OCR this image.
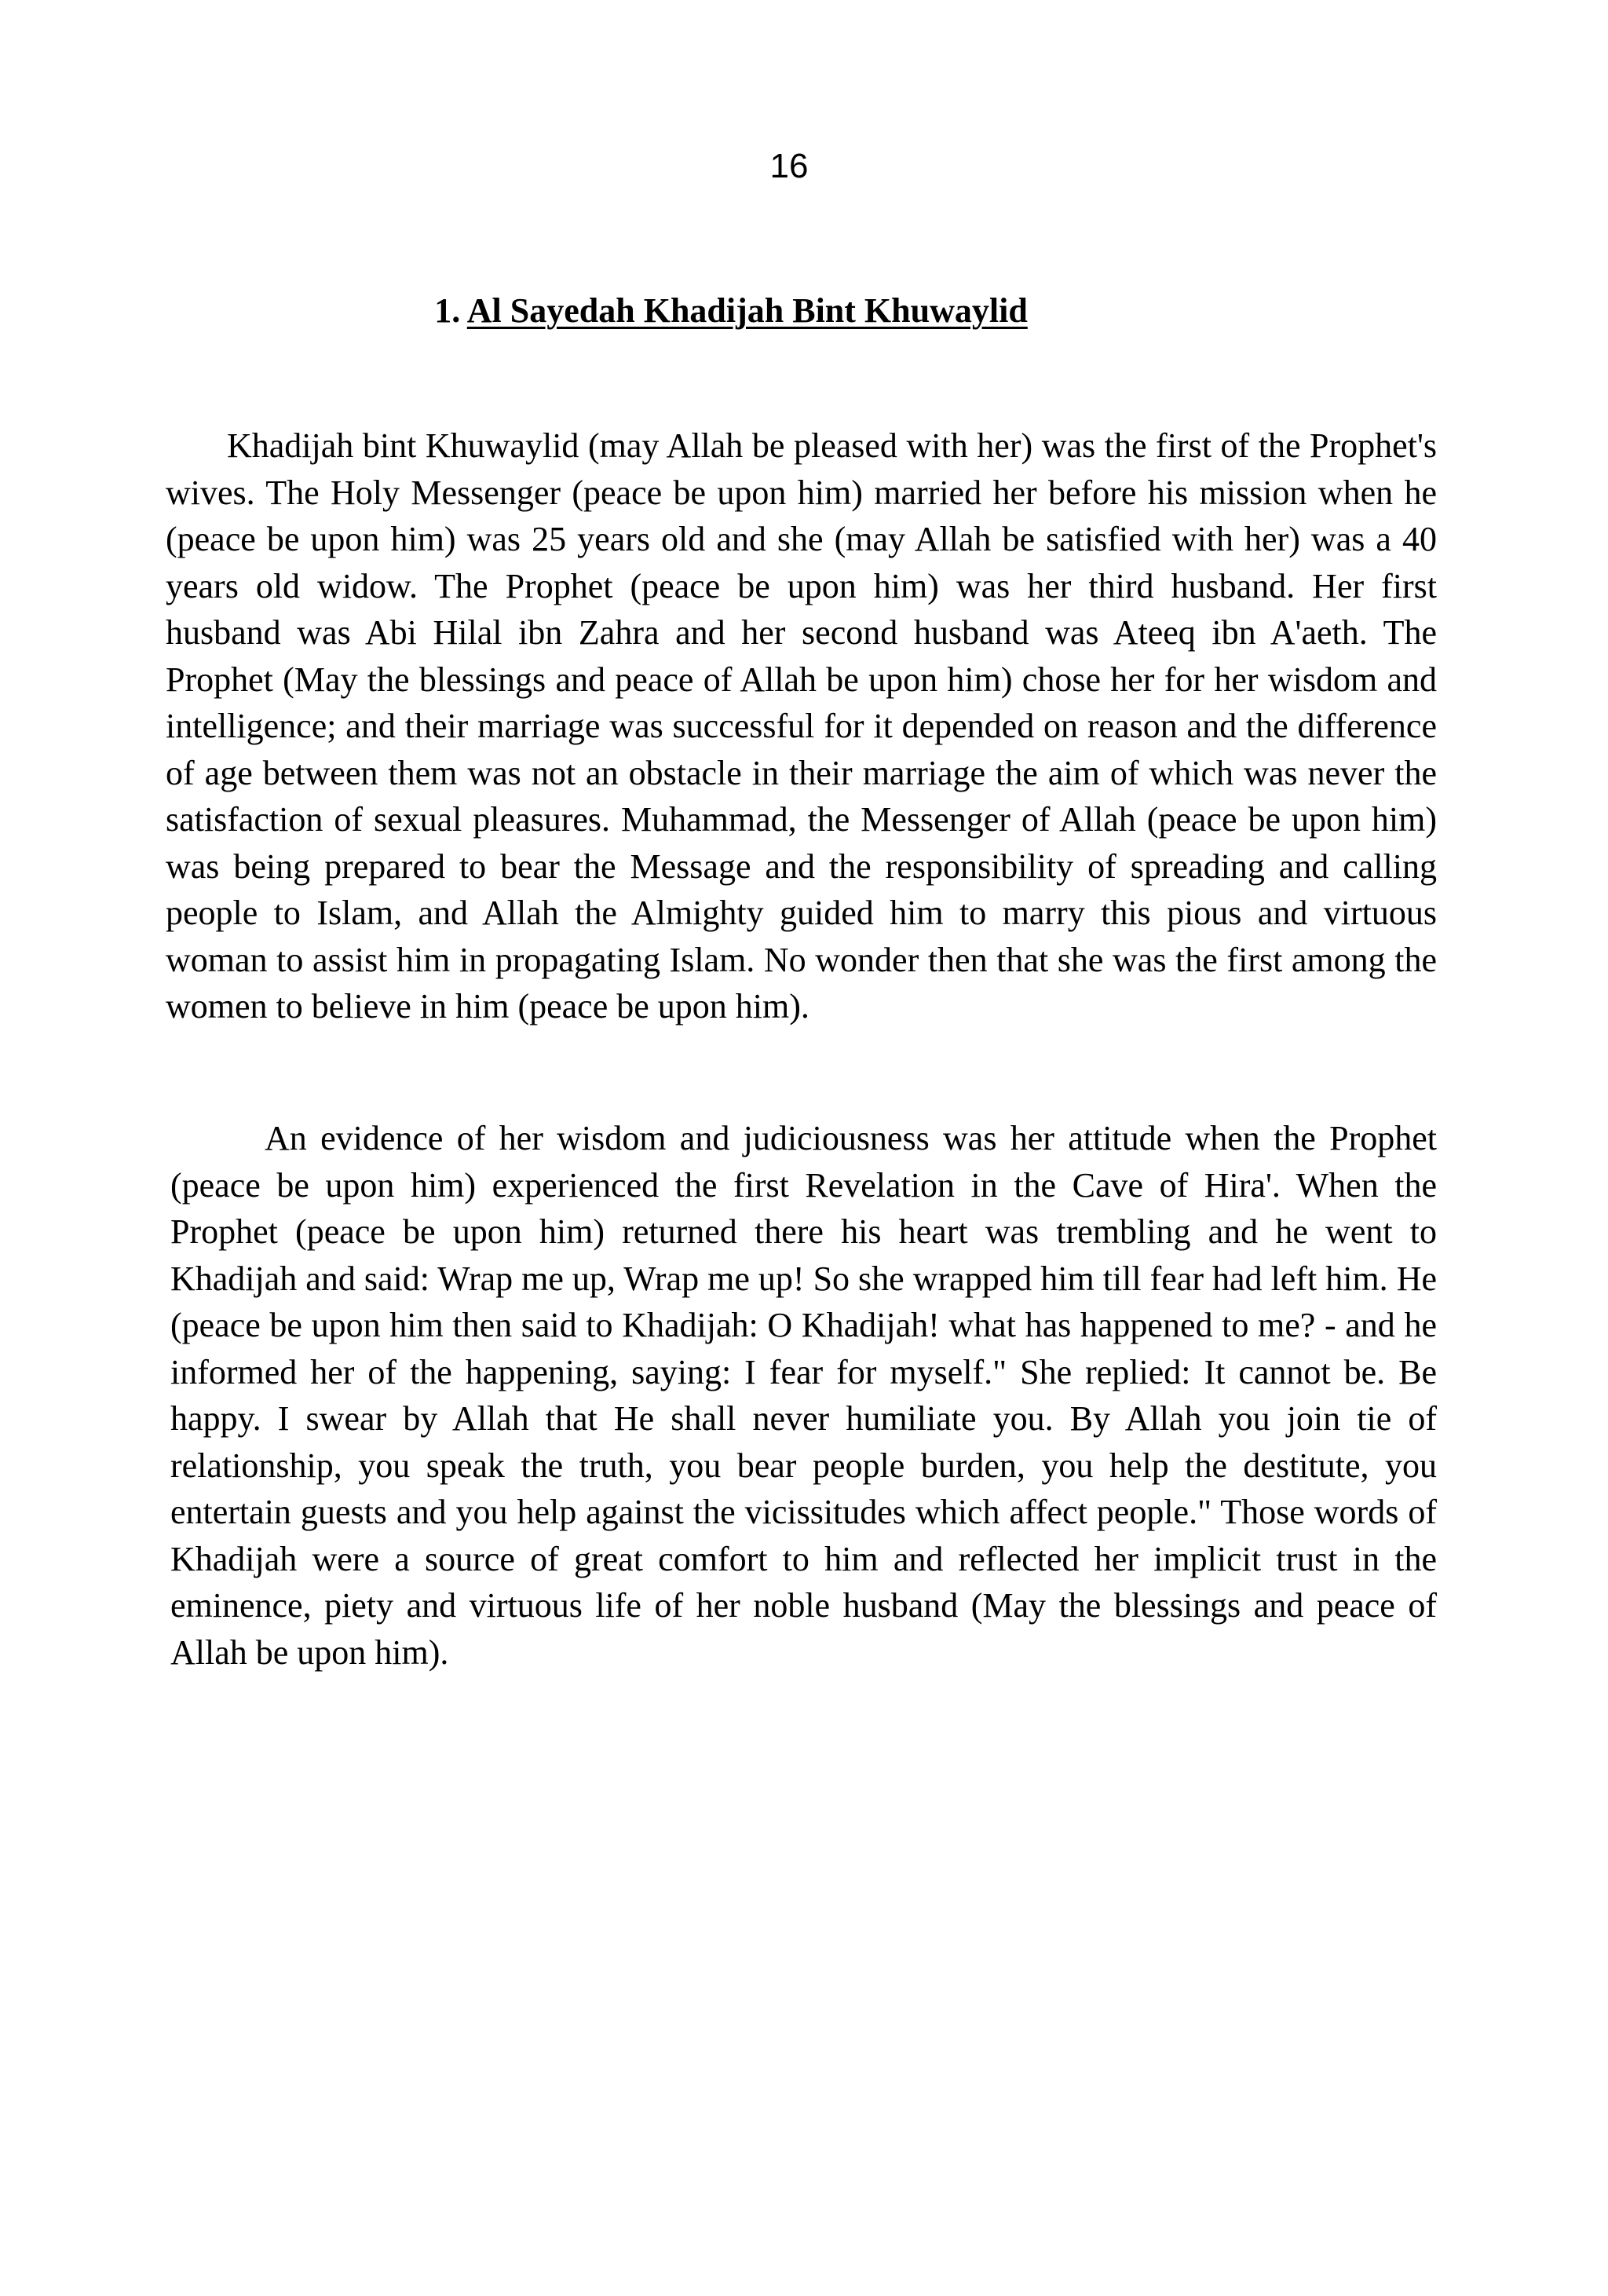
16
1. Al Sayedah Khadijah Bint Khuwaylid

Khadijah bint Khuwaylid (may Allah be pleased with her) was the first of the Prophet's wives. The Holy Messenger (peace be upon him) married her before his mission when he (peace be upon him) was 25 years old and she (may Allah be satisfied with her) was a 40 years old widow. The Prophet (peace be upon him) was her third husband. Her first husband was Abi Hilal ibn Zahra and her second husband was Ateeq ibn A'aeth. The Prophet (May the blessings and peace of Allah be upon him) chose her for her wisdom and intelligence; and their marriage was successful for it depended on reason and the difference of age between them was not an obstacle in their marriage the aim of which was never the satisfaction of sexual pleasures. Muhammad, the Messenger of Allah (peace be upon him) was being prepared to bear the Message and the responsibility of spreading and calling people to Islam, and Allah the Almighty guided him to marry this pious and virtuous woman to assist him in propagating Islam. No wonder then that she was the first among the women to believe in him (peace be upon him).

An evidence of her wisdom and judiciousness was her attitude when the Prophet (peace be upon him) experienced the first Revelation in the Cave of Hira'. When the Prophet (peace be upon him) returned there his heart was trembling and he went to Khadijah and said: Wrap me up, Wrap me up! So she wrapped him till fear had left him. He (peace be upon him then said to Khadijah: O Khadijah! what has happened to me? - and he informed her of the happening, saying: I fear for myself." She replied: It cannot be. Be happy. I swear by Allah that He shall never humiliate you. By Allah you join tie of relationship, you speak the truth, you bear people burden, you help the destitute, you entertain guests and you help against the vicissitudes which affect people." Those words of Khadijah were a source of great comfort to him and reflected her implicit trust in the eminence, piety and virtuous life of her noble husband (May the blessings and peace of Allah be upon him).
